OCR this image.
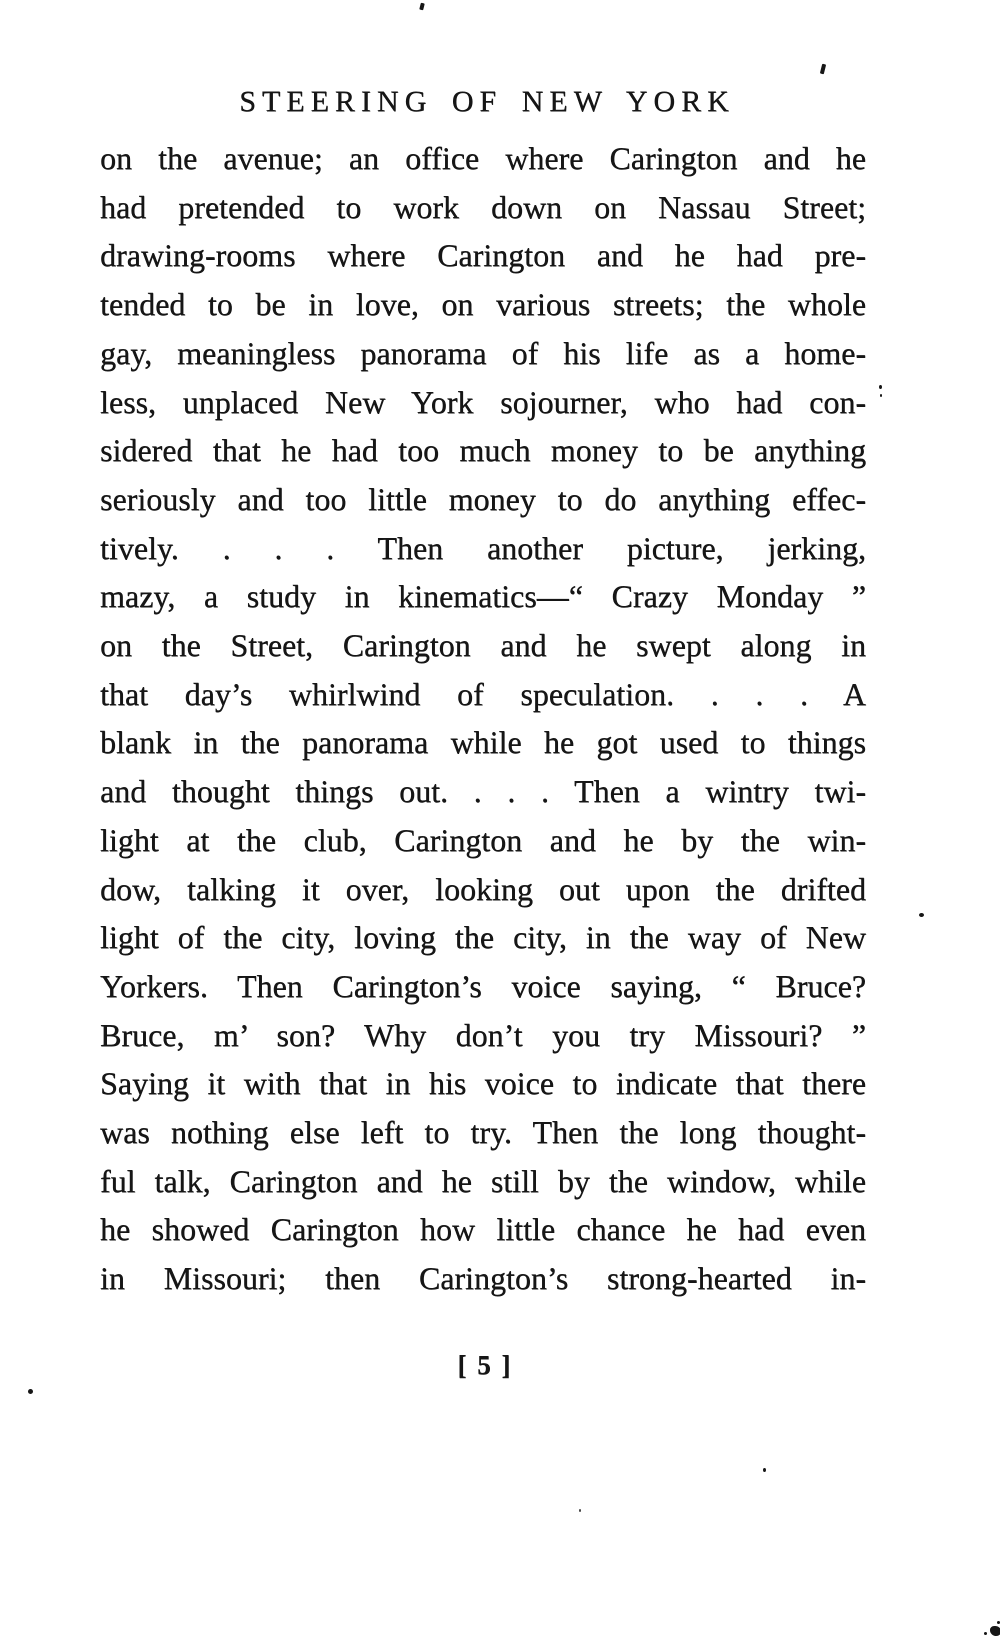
STEERING OF NEW YORK
on the avenue; an office where Carington and he
had pretended to work down on Nassau Street;
drawing-rooms where Carington and he had pre-
tended to be in love, on various streets; the whole
gay, meaningless panorama of his life as a home-
less, unplaced New York sojourner, who had con-
sidered that he had too much money to be anything
seriously and too little money to do anything effec-
tively. . . . Then another picture, jerking,
mazy, a study in kinematics—“ Crazy Monday ”
on the Street, Carington and he swept along in
that day’s whirlwind of speculation. . . . A
blank in the panorama while he got used to things
and thought things out. . . . Then a wintry twi-
light at the club, Carington and he by the win-
dow, talking it over, looking out upon the drifted
light of the city, loving the city, in the way of New
Yorkers. Then Carington’s voice saying, “ Bruce?
Bruce, m’ son? Why don’t you try Missouri? ”
Saying it with that in his voice to indicate that there
was nothing else left to try. Then the long thought-
ful talk, Carington and he still by the window, while
he showed Carington how little chance he had even
in Missouri; then Carington’s strong-hearted in-
[ 5 ]
